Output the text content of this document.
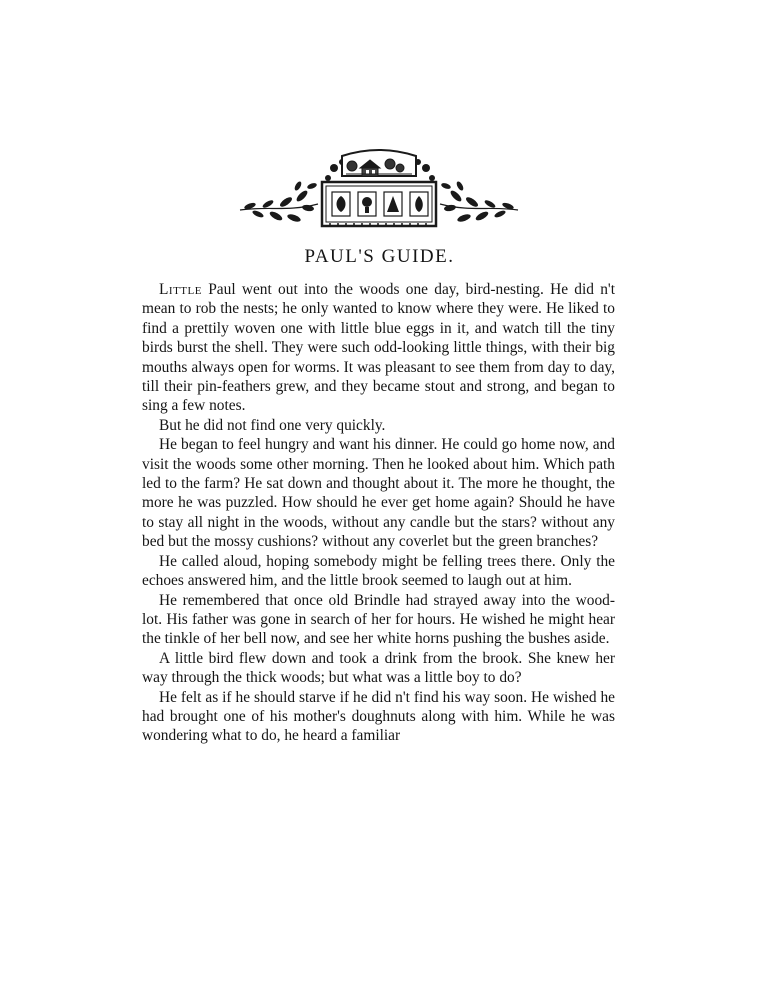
PAUL'S GUIDE.

Little Paul went out into the woods one day, bird-nesting. He did n't mean to rob the nests; he only wanted to know where they were. He liked to find a prettily woven one with little blue eggs in it, and watch till the tiny birds burst the shell. They were such odd-looking little things, with their big mouths always open for worms. It was pleasant to see them from day to day, till their pin-feathers grew, and they became stout and strong, and began to sing a few notes.

But he did not find one very quickly.

He began to feel hungry and want his dinner. He could go home now, and visit the woods some other morning. Then he looked about him. Which path led to the farm? He sat down and thought about it. The more he thought, the more he was puzzled. How should he ever get home again? Should he have to stay all night in the woods, without any candle but the stars? without any bed but the mossy cushions? without any coverlet but the green branches?

He called aloud, hoping somebody might be felling trees there. Only the echoes answered him, and the little brook seemed to laugh out at him.

He remembered that once old Brindle had strayed away into the wood-lot. His father was gone in search of her for hours. He wished he might hear the tinkle of her bell now, and see her white horns pushing the bushes aside.

A little bird flew down and took a drink from the brook. She knew her way through the thick woods; but what was a little boy to do?

He felt as if he should starve if he did n't find his way soon. He wished he had brought one of his mother's doughnuts along with him. While he was wondering what to do, he heard a familiar
